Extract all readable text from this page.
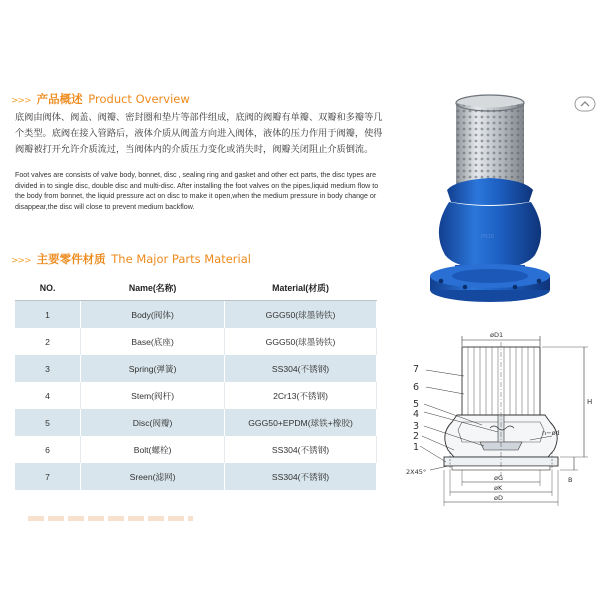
>>> 产品概述 Product Overview
底阀由阀体、阀盖、阀瓣、密封圈和垫片等部件组成，底阀的阀瓣有单瓣、双瓣和多瓣等几个类型。底阀在接入管路后，液体介质从阀盖方向进入阀体，液体的压力作用于阀瓣，使得阀瓣被打开允许介质流过，当阀体内的介质压力变化或消失时，阀瓣关闭阻止介质倒流。
Foot valves are consists of valve body, bonnet, disc , sealing ring and gasket and other ect parts, the disc types are divided in to single disc, double disc and multi-disc. After installing the foot valves on the pipes,liquid medium flow to the body from bonnet, the liquid pressure act on disc to make it open,when the medium pressure in body change or disappear,the disc will close to prevent medium backflow.
>>> 主要零件材质 The Major Parts Material
NO.	Name(名称)	Material(材质)
1	Body(阀体)	GGG50(球墨铸铁)
2	Base(底座)	GGG50(球墨铸铁)
3	Spring(弹簧)	SS304(不锈钢)
4	Stem(阀杆)	2Cr13(不锈钢)
5	Disc(阀瓣)	GGG50+EPDM(球铁+橡胶)
6	Bolt(螺栓)	SS304(不锈钢)
7	Sreen(滤网)	SS304(不锈钢)
PN16
øD1
7
6
5
4
3
2
1
n−ød
2X45°
H
B
øG
øK
øD
